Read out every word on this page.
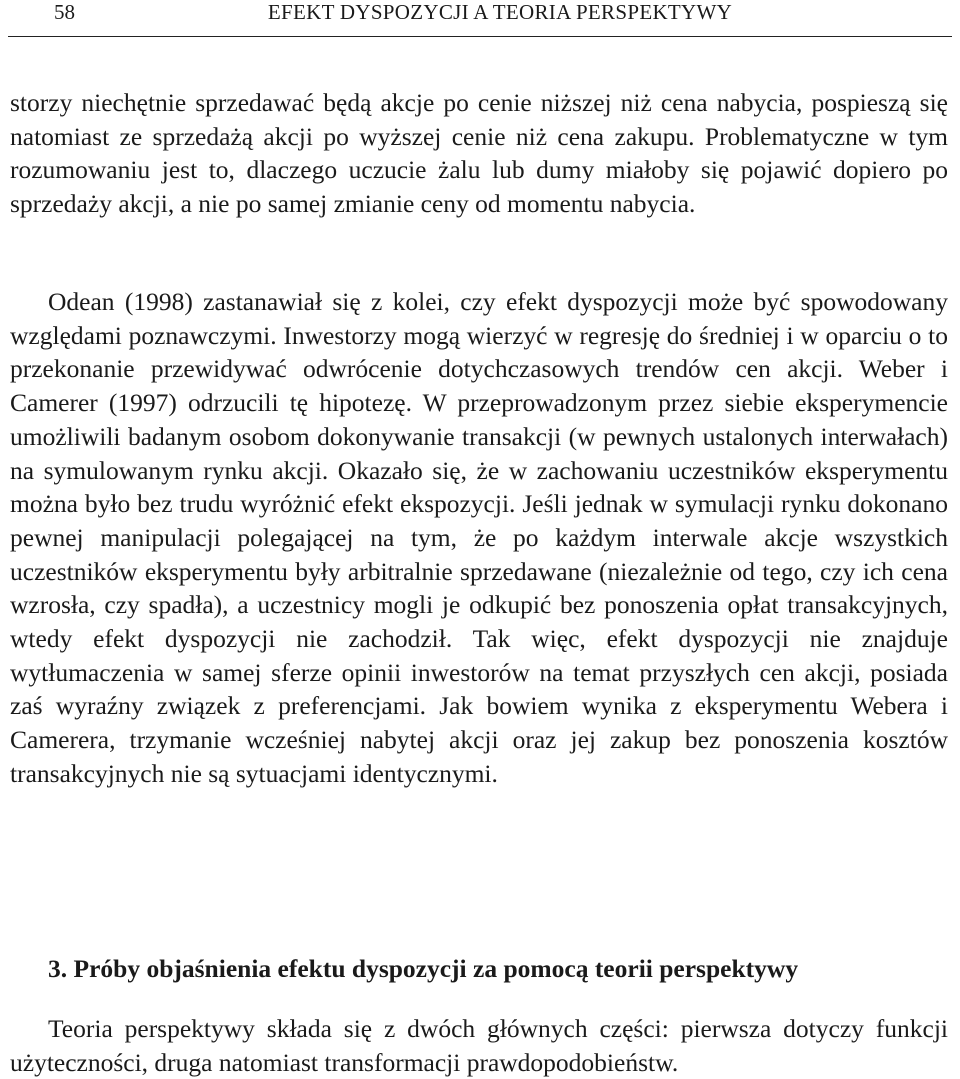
58	EFEKT DYSPOZYCJI A TEORIA PERSPEKTYWY

storzy niechętnie sprzedawać będą akcje po cenie niższej niż cena nabycia, pospieszą się natomiast ze sprzedażą akcji po wyższej cenie niż cena zakupu. Problematyczne w tym rozumowaniu jest to, dlaczego uczucie żalu lub dumy miałoby się pojawić dopiero po sprzedaży akcji, a nie po samej zmianie ceny od momentu nabycia.

Odean (1998) zastanawiał się z kolei, czy efekt dyspozycji może być spowodowany względami poznawczymi. Inwestorzy mogą wierzyć w regresję do średniej i w oparciu o to przekonanie przewidywać odwrócenie dotychczasowych trendów cen akcji. Weber i Camerer (1997) odrzucili tę hipotezę. W przeprowadzonym przez siebie eksperymencie umożliwili badanym osobom dokonywanie transakcji (w pewnych ustalonych interwałach) na symulowanym rynku akcji. Okazało się, że w zachowaniu uczestników eksperymentu można było bez trudu wyróżnić efekt ekspozycji. Jeśli jednak w symulacji rynku dokonano pewnej manipulacji polegającej na tym, że po każdym interwale akcje wszystkich uczestników eksperymentu były arbitralnie sprzedawane (niezależnie od tego, czy ich cena wzrosła, czy spadła), a uczestnicy mogli je odkupić bez ponoszenia opłat transakcyjnych, wtedy efekt dyspozycji nie zachodził. Tak więc, efekt dyspozycji nie znajduje wytłumaczenia w samej sferze opinii inwestorów na temat przyszłych cen akcji, posiada zaś wyraźny związek z preferencjami. Jak bowiem wynika z eksperymentu Webera i Camerera, trzymanie wcześniej nabytej akcji oraz jej zakup bez ponoszenia kosztów transakcyjnych nie są sytuacjami identycznymi.

3. Próby objaśnienia efektu dyspozycji za pomocą teorii perspektywy

Teoria perspektywy składa się z dwóch głównych części: pierwsza dotyczy funkcji użyteczności, druga natomiast transformacji prawdopodobieństw.
